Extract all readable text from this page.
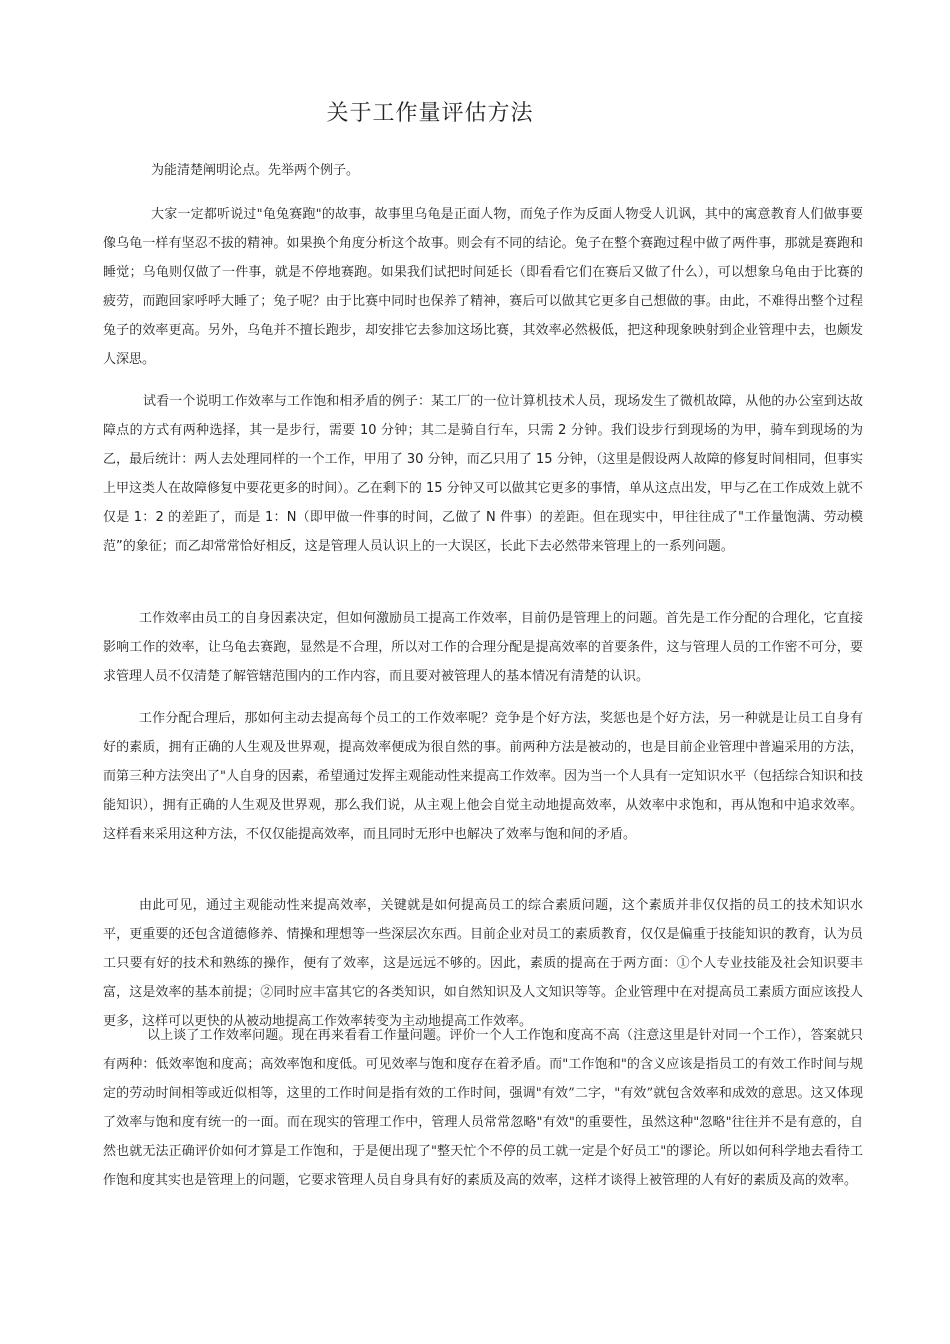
关于工作量评估方法
为能清楚阐明论点。先举两个例子。
大家一定都听说过"龟兔赛跑"的故事，故事里乌龟是正面人物，而兔子作为反面人物受人讥讽，其中的寓意教育人们做事要像乌龟一样有坚忍不拔的精神。如果换个角度分析这个故事。则会有不同的结论。兔子在整个赛跑过程中做了两件事，那就是赛跑和睡觉；乌龟则仅做了一件事，就是不停地赛跑。如果我们试把时间延长（即看看它们在赛后又做了什么），可以想象乌龟由于比赛的疲劳，而跑回家呼呼大睡了；兔子呢？由于比赛中同时也保养了精神，赛后可以做其它更多自己想做的事。由此，不难得出整个过程兔子的效率更高。另外，乌龟并不擅长跑步，却安排它去参加这场比赛，其效率必然极低，把这种现象映射到企业管理中去，也颇发人深思。
试看一个说明工作效率与工作饱和相矛盾的例子：某工厂的一位计算机技术人员，现场发生了微机故障，从他的办公室到达故障点的方式有两种选择，其一是步行，需要 10 分钟；其二是骑自行车，只需 2 分钟。我们设步行到现场的为甲，骑车到现场的为乙，最后统计：两人去处理同样的一个工作，甲用了 30 分钟，而乙只用了 15 分钟，（这里是假设两人故障的修复时间相同，但事实上甲这类人在故障修复中要花更多的时间）。乙在剩下的 15 分钟又可以做其它更多的事情，单从这点出发，甲与乙在工作成效上就不仅是 1：2 的差距了，而是 1：N（即甲做一件事的时间，乙做了 N 件事）的差距。但在现实中，甲往往成了"工作量饱满、劳动模范”的象征；而乙却常常恰好相反，这是管理人员认识上的一大误区，长此下去必然带来管理上的一系列问题。
工作效率由员工的自身因素决定，但如何激励员工提高工作效率，目前仍是管理上的问题。首先是工作分配的合理化，它直接影响工作的效率，让乌龟去赛跑，显然是不合理，所以对工作的合理分配是提高效率的首要条件，这与管理人员的工作密不可分，要求管理人员不仅清楚了解管辖范围内的工作内容，而且要对被管理人的基本情况有清楚的认识。
工作分配合理后，那如何主动去提高每个员工的工作效率呢？竞争是个好方法，奖惩也是个好方法，另一种就是让员工自身有好的素质，拥有正确的人生观及世界观，提高效率便成为很自然的事。前两种方法是被动的，也是目前企业管理中普遍采用的方法，而第三种方法突出了"人自身的因素，希望通过发挥主观能动性来提高工作效率。因为当一个人具有一定知识水平（包括综合知识和技能知识），拥有正确的人生观及世界观，那么我们说，从主观上他会自觉主动地提高效率，从效率中求饱和，再从饱和中追求效率。这样看来采用这种方法，不仅仅能提高效率，而且同时无形中也解决了效率与饱和间的矛盾。
由此可见，通过主观能动性来提高效率，关键就是如何提高员工的综合素质问题，这个素质并非仅仅指的员工的技术知识水平，更重要的还包含道德修养、情操和理想等一些深层次东西。目前企业对员工的素质教育，仅仅是偏重于技能知识的教育，认为员工只要有好的技术和熟练的操作，便有了效率，这是远远不够的。因此，素质的提高在于两方面：①个人专业技能及社会知识要丰富，这是效率的基本前提；②同时应丰富其它的各类知识，如自然知识及人文知识等等。企业管理中在对提高员工素质方面应该投人更多，这样可以更快的从被动地提高工作效率转变为主动地提高工作效率。
以上谈了工作效率问题。现在再来看看工作量问题。评价一个人工作饱和度高不高（注意这里是针对同一个工作），答案就只有两种：低效率饱和度高；高效率饱和度低。可见效率与饱和度存在着矛盾。而"工作饱和"的含义应该是指员工的有效工作时间与规定的劳动时间相等或近似相等，这里的工作时间是指有效的工作时间，强调"有效”二字，"有效”就包含效率和成效的意思。这又体现了效率与饱和度有统一的一面。而在现实的管理工作中，管理人员常常忽略"有效"的重要性，虽然这种"忽略"往往并不是有意的，自然也就无法正确评价如何才算是工作饱和，于是便出现了"整天忙个不停的员工就一定是个好员工"的谬论。所以如何科学地去看待工作饱和度其实也是管理上的问题，它要求管理人员自身具有好的素质及高的效率，这样才谈得上被管理的人有好的素质及高的效率。
